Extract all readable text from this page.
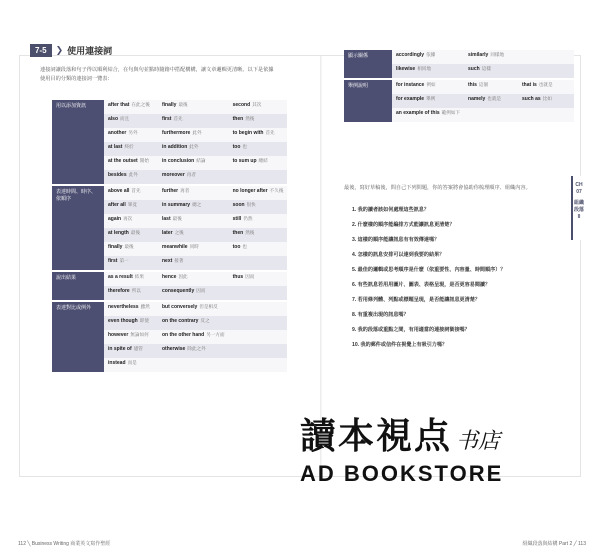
7-5	❯ 使用連接詞
連接詞讓段落和句子得以順利結合，在句與句並點時隨籍中搭配構構，讓文章邏輯更清晰。以下是依據使用目的分類的連接詞一覽表：
用以添加資訊	after that 在此之後	finally 最後	second 其次
	also 而且	first 首先	then 然後
	another 另外	furthermore 此外	to begin with 首先
	at last 終於	in addition 此外	too 也
	at the outset 開始	in conclusion 結論	to sum up 總結
	besides 此外	moreover 再者	

表達時間、時序、依順序	above all 首先	further 再者	no longer after 不久後
	after all 畢竟	in summary 總之	soon 很快
	again 再次	last 最後	still 仍然
	at length 最後	later 之後	then 然後
	finally 最後	meanwhile 同時	too 也
	first 第一	next 接著	

說出結果	as a result 結果	hence 因此	thus 因而
	therefore 所以	consequently 因而	

表達對比或例外	nevertheless 雖然	but conversely 但是相反	
	even though 即使	on the contrary 反之	
	however 無論如何	on the other hand 另一方面	
	in spite of 儘管	otherwise 除此之外	
	instead 而是		

112 ╲ Business Writing 商業英文寫作聖經
顯示關係	accordingly 依據	similarly 同樣地	
	likewise 相同地	such 這樣	

舉例說明	for instance 例如	this 這個	that is 也就是
	for example 舉例	namely 也就是	such as 比如
	an example of this 範例如下		

最後，寫好草稿後，問自己下列問題，你的答案將會協助你梳理順序、組織內容。
1. 我的讀者該如何處理這些訊息？
2. 什麼樣的順序能編排方式能讓訊息更清楚？
3. 這樣的順序能讓訊息有有效傳達嗎？
4. 怎樣的訊息安排可以達到我要的結果？
5. 最佳的邏輯或思考順序是什麼（依重要性、內容量、時間順序）？
6. 有些訊息若用用圖片、圖表、表格呈現，是否更容易閱讀？
7. 若用條列體、列點或標題呈現，是否能讓訊息更清楚？
8. 有重複出現的訊息嗎？
9. 我的段落或重點之間，有用適當的連接詞銜接嗎？
10. 我的郵件或信件在視覺上有吸引力嗎？
CH 07
組織段落 II
組織段落與結構 Part 2 ╱ 113
讀本視点 书店
AD BOOKSTORE
